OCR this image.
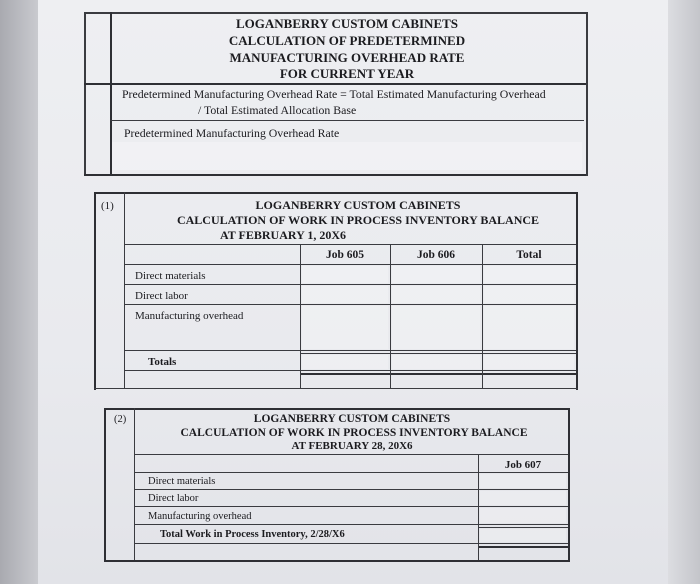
LOGANBERRY CUSTOM CABINETS
CALCULATION OF PREDETERMINED
MANUFACTURING OVERHEAD RATE
FOR CURRENT YEAR
Predetermined Manufacturing Overhead Rate = Total Estimated Manufacturing Overhead
/ Total Estimated Allocation Base
Predetermined Manufacturing Overhead Rate
(1)	LOGANBERRY CUSTOM CABINETS
CALCULATION OF WORK IN PROCESS INVENTORY BALANCE
AT FEBRUARY 1, 20X6
Job 605	Job 606	Total
Direct materials
Direct labor
Manufacturing overhead
Totals
(2)	LOGANBERRY CUSTOM CABINETS
CALCULATION OF WORK IN PROCESS INVENTORY BALANCE
AT FEBRUARY 28, 20X6
Job 607
Direct materials
Direct labor
Manufacturing overhead
Total Work in Process Inventory, 2/28/X6
